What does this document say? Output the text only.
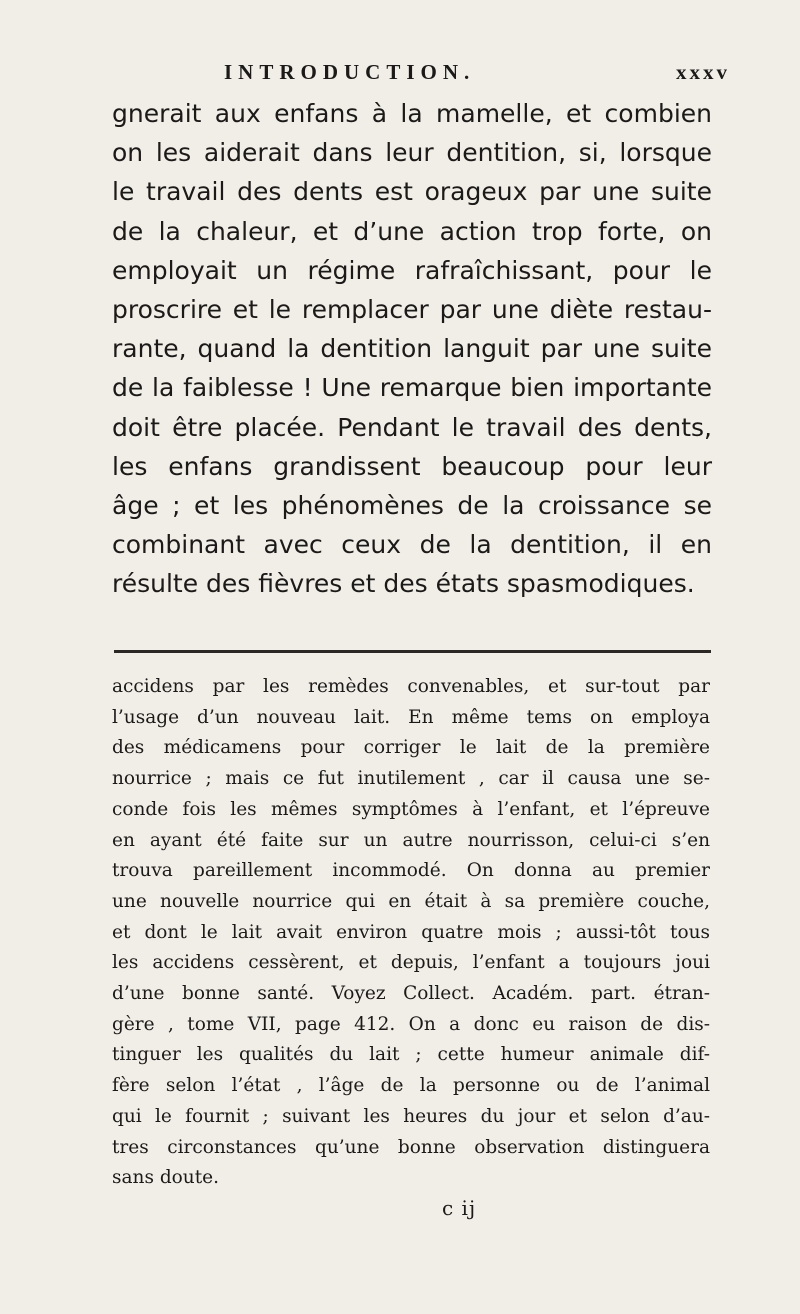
INTRODUCTION.	xxxv
gnerait aux enfans à la mamelle, et combien
on les aiderait dans leur dentition, si, lorsque
le travail des dents est orageux par une suite
de la chaleur, et d’une action trop forte, on
employait un régime rafraîchissant, pour le
proscrire et le remplacer par une diète restau-
rante, quand la dentition languit par une suite
de la faiblesse ! Une remarque bien importante
doit être placée. Pendant le travail des dents,
les enfans grandissent beaucoup pour leur
âge ; et les phénomènes de la croissance se
combinant avec ceux de la dentition, il en
résulte des fièvres et des états spasmodiques.
accidens par les remèdes convenables, et sur-tout par
l’usage d’un nouveau lait. En même tems on employa
des médicamens pour corriger le lait de la première
nourrice ; mais ce fut inutilement , car il causa une se-
conde fois les mêmes symptômes à l’enfant, et l’épreuve
en ayant été faite sur un autre nourrisson, celui-ci s’en
trouva pareillement incommodé. On donna au premier
une nouvelle nourrice qui en était à sa première couche,
et dont le lait avait environ quatre mois ; aussi-tôt tous
les accidens cessèrent, et depuis, l’enfant a toujours joui
d’une bonne santé. Voyez Collect. Académ. part. étran-
gère , tome VII, page 412. On a donc eu raison de dis-
tinguer les qualités du lait ; cette humeur animale dif-
fère selon l’état , l’âge de la personne ou de l’animal
qui le fournit ; suivant les heures du jour et selon d’au-
tres circonstances qu’une bonne observation distinguera
sans doute.
c ij
